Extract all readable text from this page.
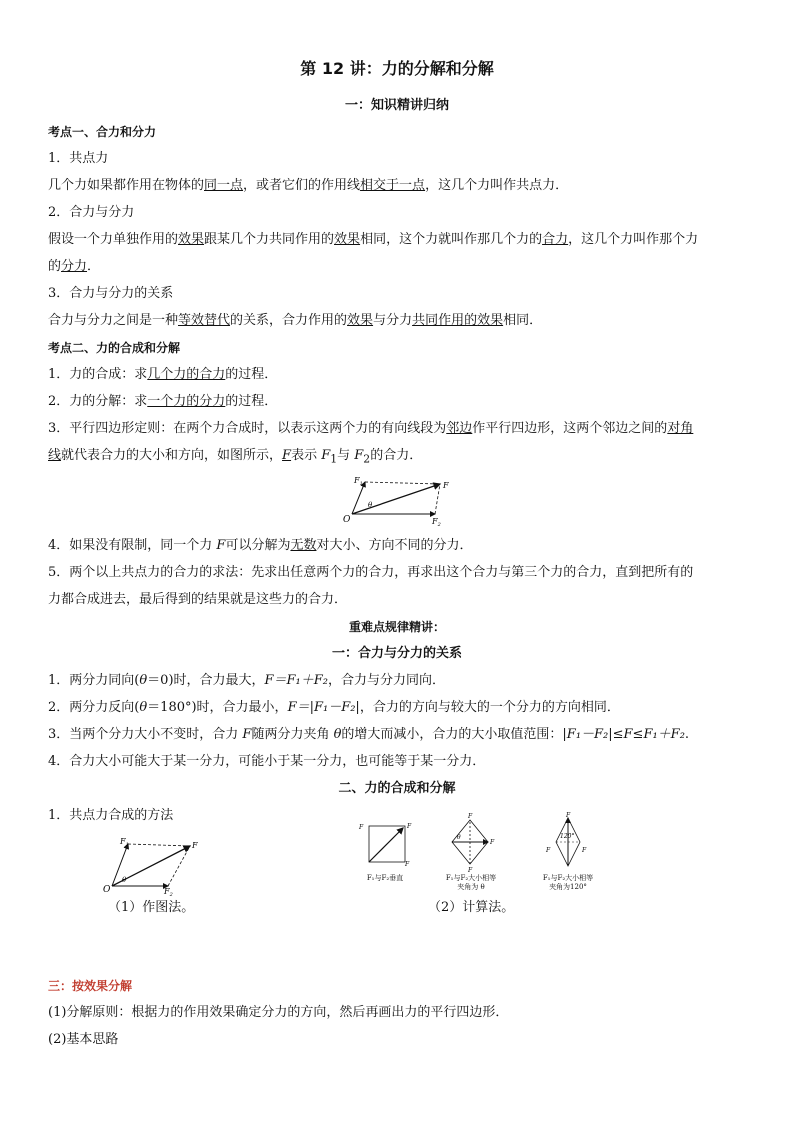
第 12 讲：力的分解和分解
一：知识精讲归纳
考点一、合力和分力
1．共点力
几个力如果都作用在物体的同一点，或者它们的作用线相交于一点，这几个力叫作共点力．
2．合力与分力
假设一个力单独作用的效果跟某几个力共同作用的效果相同，这个力就叫作那几个力的合力，这几个力叫作那个力
的分力．
3．合力与分力的关系
合力与分力之间是一种等效替代的关系，合力作用的效果与分力共同作用的效果相同．
考点二、力的合成和分解
1．力的合成：求几个力的合力的过程．
2．力的分解：求一个力的分力的过程．
3．平行四边形定则：在两个力合成时，以表示这两个力的有向线段为邻边作平行四边形，这两个邻边之间的对角
线就代表合力的大小和方向，如图所示，F表示 $F_1$与 $F_2$的合力．
$F_1$	F
$F_2$
O
θ
4．如果没有限制，同一个力 F可以分解为无数对大小、方向不同的分力．
5．两个以上共点力的合力的求法：先求出任意两个力的合力，再求出这个合力与第三个力的合力，直到把所有的
力都合成进去，最后得到的结果就是这些力的合力．
重难点规律精讲：
一：合力与分力的关系
1．两分力同向(θ＝0)时，合力最大，F＝F₁＋F₂，合力与分力同向．
2．两分力反向(θ＝180°)时，合力最小，F＝|F₁－F₂|，合力的方向与较大的一个分力的方向相同．
3．当两个分力大小不变时，合力 F随两分力夹角 θ的增大而减小，合力的大小取值范围：|F₁－F₂|≤F≤F₁＋F₂.
4．合力大小可能大于某一分力，可能小于某一分力，也可能等于某一分力．
二、力的合成和分解
1．共点力合成的方法
$F_1$	F
$F_2$
O
θ
（1）作图法。
F	F
F
F₁与F₂垂直
F
F
F
θ
F₁与F₂大小相等
夹角为 θ
F
120°
F	F
F₁与F₂大小相等
夹角为120°
（2）计算法。
三：按效果分解
(1)分解原则：根据力的作用效果确定分力的方向，然后再画出力的平行四边形．
(2)基本思路
